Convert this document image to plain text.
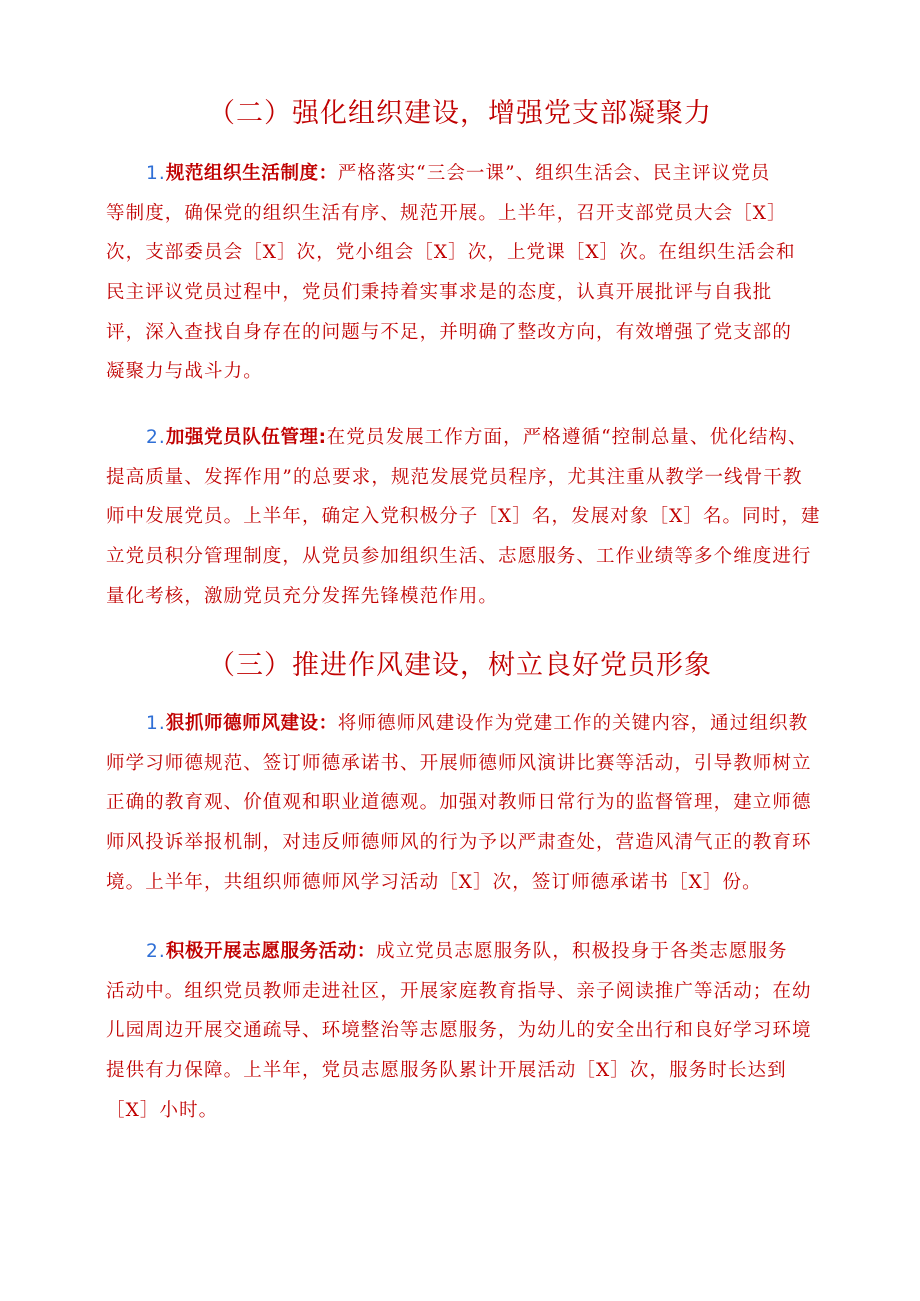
（二）强化组织建设，增强党支部凝聚力
1.规范组织生活制度：严格落实“三会一课”、组织生活会、民主评议党员
等制度，确保党的组织生活有序、规范开展。上半年，召开支部党员大会［X］
次，支部委员会［X］次，党小组会［X］次，上党课［X］次。在组织生活会和
民主评议党员过程中，党员们秉持着实事求是的态度，认真开展批评与自我批
评，深入查找自身存在的问题与不足，并明确了整改方向，有效增强了党支部的
凝聚力与战斗力。
2.加强党员队伍管理:在党员发展工作方面，严格遵循“控制总量、优化结构、
提高质量、发挥作用”的总要求，规范发展党员程序，尤其注重从教学一线骨干教
师中发展党员。上半年，确定入党积极分子［X］名，发展对象［X］名。同时，建
立党员积分管理制度，从党员参加组织生活、志愿服务、工作业绩等多个维度进行
量化考核，激励党员充分发挥先锋模范作用。
（三）推进作风建设，树立良好党员形象
1.狠抓师德师风建设：将师德师风建设作为党建工作的关键内容，通过组织教
师学习师德规范、签订师德承诺书、开展师德师风演讲比赛等活动，引导教师树立
正确的教育观、价值观和职业道德观。加强对教师日常行为的监督管理，建立师德
师风投诉举报机制，对违反师德师风的行为予以严肃查处，营造风清气正的教育环
境。上半年，共组织师德师风学习活动［X］次，签订师德承诺书［X］份。
2.积极开展志愿服务活动：成立党员志愿服务队，积极投身于各类志愿服务
活动中。组织党员教师走进社区，开展家庭教育指导、亲子阅读推广等活动；在幼
儿园周边开展交通疏导、环境整治等志愿服务，为幼儿的安全出行和良好学习环境
提供有力保障。上半年，党员志愿服务队累计开展活动［X］次，服务时长达到
［X］小时。
